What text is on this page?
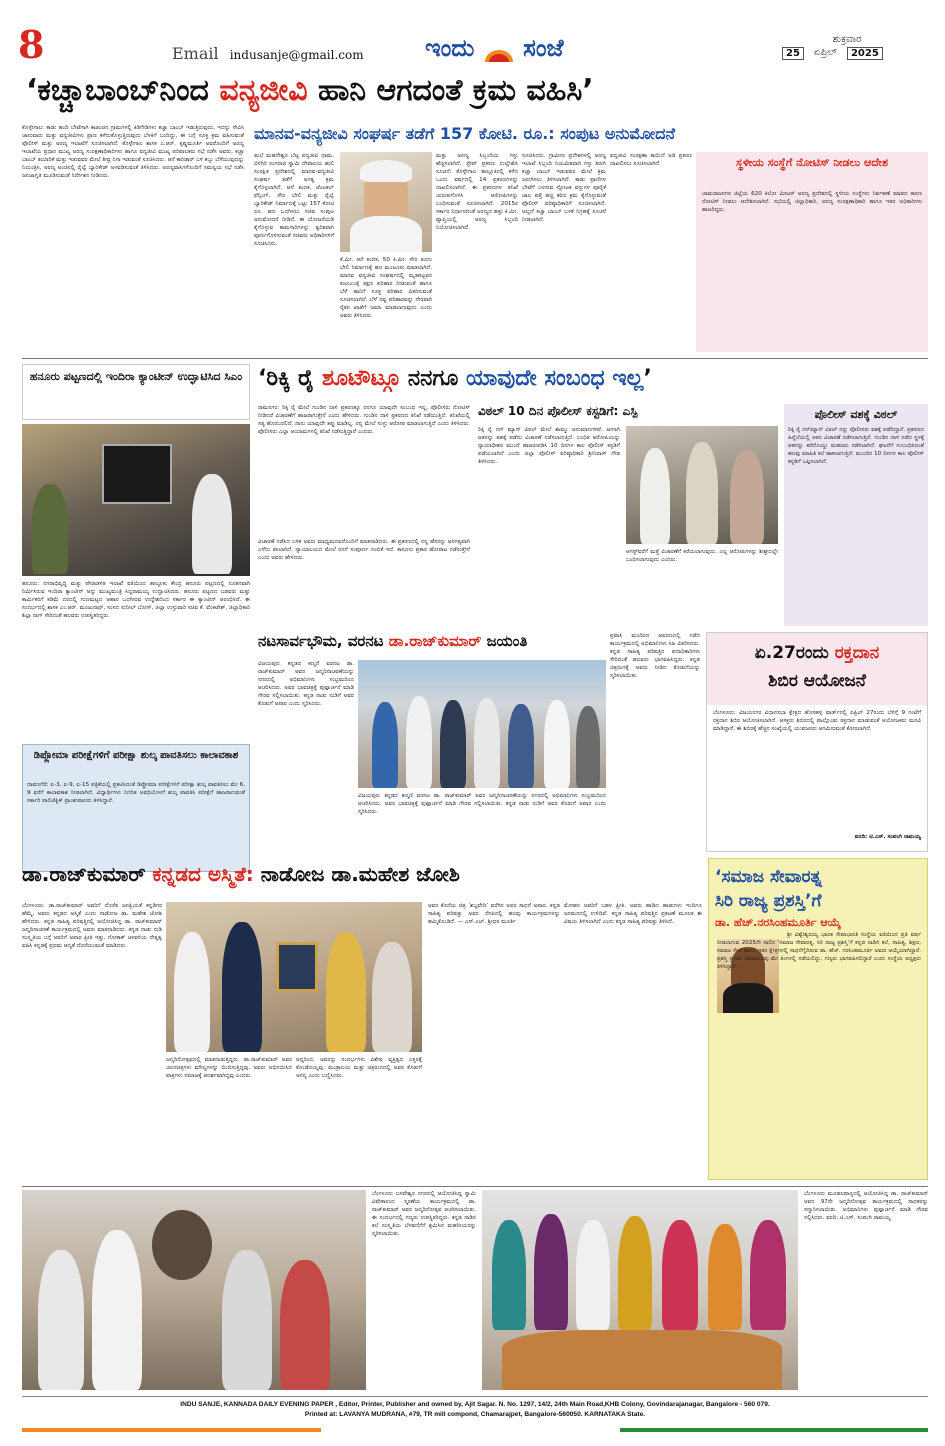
8	Email indusanje@gmail.com	ಇಂದು ಸಂಜೆ	ಶುಕ್ರವಾರ
25	ಏಪ್ರಿಲ್	2025
‘ಕಚ್ಚಾಬಾಂಬ್‌ನಿಂದ ವನ್ಯಜೀವಿ ಹಾನಿ ಆಗದಂತೆ ಕ್ರಮ ವಹಿಸಿ’
ಕೊಳ್ಳೇಗಾಲ: ಕಾಡು ಹಂದಿ ಬೇಟೆಗಾಗಿ ಕಾಡಂಚಿನ ಗ್ರಾಮಗಳಲ್ಲಿ ಕಿಡಿಗೇಡಿಗಳು ಕಚ್ಚಾ ಬಾಂಬ್ ಇಡುತ್ತಿರುವುದು, ಇದನ್ನು ಸೇವಿಸಿ ಜಾನುವಾರು ಮತ್ತು ವನ್ಯಜೀವಿಗಳು ಪ್ರಾಣ ಕಳೆದುಕೊಳ್ಳುತ್ತಿರುವುದು ಬೆಳಕಿಗೆ ಬಂದಿದ್ದು, ಈ ಬಗ್ಗೆ ಸೂಕ್ತ ಕ್ರಮ ವಹಿಸುವಂತೆ ಪೊಲೀಸ್ ಮತ್ತು ಅರಣ್ಯ ಇಲಾಖೆಗೆ ಸೂಚಿಸಲಾಗಿದೆ. ಕೊಳ್ಳೇಗಾಲ ಶಾಸಕ ಎ.ಆರ್. ಕೃಷ್ಣಮೂರ್ತಿ ಅವರೊಂದಿಗೆ ಅರಣ್ಯ ಇಲಾಖೆಯ ಪ್ರಧಾನ ಮುಖ್ಯ ಅರಣ್ಯ ಸಂರಕ್ಷಣಾಧಿಕಾರಿಗಳು ಹಾಗೂ ವನ್ಯಜೀವಿ ಮುಖ್ಯ ಪರಿಪಾಲಕರು ಸಭೆ ನಡೆಸಿ ಅವರು, ಕಚ್ಚಾ ಬಾಂಬ್ ತಯಾರಿಕೆ ಮತ್ತು ಇಡುವವರ ಮೇಲೆ ತೀವ್ರ ನಿಗಾ ಇಡುವಂತೆ ಸೂಚಿಸಿದರು. ಆನೆ ಕಾರಿಡಾರ್ ಬಳಿ ಕಬ್ಬು ಬೆಳೆಯುವುದನ್ನು ನಿಯಂತ್ರಿಸಿ, ಅರಣ್ಯ ಅಂಚಿನಲ್ಲಿ ರೈಲ್ವೆ ಬ್ಯಾರಿಕೇಡ್ ಅಳವಡಿಸುವಂತೆ ತಿಳಿಸಿದರು. ಅರಣ್ಯವಾಸಿಗಳೊಂದಿಗೆ ಸಮನ್ವಯ ಸಭೆ ನಡೆಸಿ ಜನಜಾಗೃತಿ ಮೂಡಿಸುವಂತೆ ನಿರ್ದೇಶನ ನೀಡಿದರು.
ಮಾನವ-ವನ್ಯಜೀವಿ ಸಂಘರ್ಷ ತಡೆಗೆ 157 ಕೋಟಿ. ರೂ.: ಸಂಪುಟ ಅನುಮೋದನೆ
ಮಲೆ ಮಹದೇಶ್ವರ ಬೆಟ್ಟ ವನ್ಯಜೀವಿ ಧಾಮ, ಬಿಳಿಗಿರಿ ರಂಗನಾಥ ಸ್ವಾಮಿ ದೇವಾಲಯ ಹುಲಿ ಸಂರಕ್ಷಿತ ಪ್ರದೇಶದಲ್ಲಿ ಮಾನವ-ವನ್ಯಜೀವಿ ಸಂಘರ್ಷ ತಡೆಗೆ ಅಗತ್ಯ ಕ್ರಮ ಕೈಗೊಳ್ಳಲಾಗಿದೆ. ಆನೆ ಕಂದಕ, ಟೆಂಟಕಲ್ ಫೆನ್ಸಿಂಗ್, ಸೌರ ಬೇಲಿ ಮತ್ತು ರೈಲ್ವೆ ಬ್ಯಾರಿಕೇಡ್ ನಿರ್ಮಾಣಕ್ಕೆ ಒಟ್ಟು 157 ಕೋಟಿ ರೂ. ಹಣ ಒದಗಿಸಲು ಸಚಿವ ಸಂಪುಟ ಅನುಮೋದನೆ ನೀಡಿದೆ. ಈ ಯೋಜನೆಯಡಿ ಕೈಗೊಳ್ಳುವ ಕಾಮಗಾರಿಗಳನ್ನು ತ್ವರಿತವಾಗಿ ಪೂರ್ಣಗೊಳಿಸುವಂತೆ ಸಚಿವರು ಅಧಿಕಾರಿಗಳಿಗೆ ಸೂಚಿಸಿದರು.
ಕೆ.ಮೀ. ಆನೆ ಕಂದಕ, 50 ಕಿ.ಮೀ. ಸೌರ ತೂಗು ಬೇಲಿ ನಿರ್ಮಾಣಕ್ಕೆ ಹಣ ಮಂಜೂರು ಮಾಡಲಾಗಿದೆ. ಮಾನವ ವನ್ಯಜೀವಿ ಸಂಘರ್ಷದಲ್ಲಿ ಮೃತಪಟ್ಟವರ ಕುಟುಂಬಕ್ಕೆ ತಕ್ಷಣ ಪರಿಹಾರ ನೀಡುವಂತೆ ಹಾಗೂ ಬೆಳೆ ಹಾನಿಗೆ ಸೂಕ್ತ ಪರಿಹಾರ ವಿತರಿಸುವಂತೆ ಸೂಚಿಸಲಾಗಿದೆ. ಬೆಳೆ ನಷ್ಟ ಪರಿಹಾರವನ್ನು ನೇರವಾಗಿ ರೈತರ ಖಾತೆಗೆ ಜಮಾ ಮಾಡಲಾಗುವುದು ಎಂದು ಅವರು ತಿಳಿಸಿದರು.
ಮತ್ತು ಅರಣ್ಯ ಸಿಬ್ಬಂದಿಯ ಗಸ್ತು ಹೆಚ್ಚಿಸಲಾಗಿದೆ. ಸ್ಟೇಪ್ ಪ್ರಕರಣ ಉಲ್ಲೇಖಿಸಿ ಸೂಚನೆ: ಕೊಳ್ಳೇಗಾಲ ತಾಲ್ಲೂಕಿನಲ್ಲಿ ಕಳೆದ ಒಂದು ವರ್ಷದಲ್ಲಿ 14 ಪ್ರಕರಣಗಳನ್ನು ದಾಖಲಿಸಲಾಗಿದೆ. ಈ ಪ್ರಕರಣಗಳ ತನಿಖೆ ಚುರುಕುಗೊಳಿಸಿ ಆರೋಪಿಗಳನ್ನು ಬಂಧಿಸುವಂತೆ ಸೂಚಿಸಲಾಗಿದೆ. 2015ರ ಸರ್ಕಾರ ನಿರ್ಧಾರದಂತೆ ಅರಣ್ಯದ ಹತ್ತು ಕಿ.ಮೀ. ವ್ಯಾಪ್ತಿಯಲ್ಲಿ ಅರಣ್ಯ ಸಿಬ್ಬಂದಿ ನಿಯೋಜಿಸಲಾಗಿದೆ.
ಸೂಚಿಸಿದರು. ಗ್ರಾಮೀಣ ಪ್ರದೇಶಗಳಲ್ಲಿ ಅರಣ್ಯ ಇಲಾಖೆ ಸಿಬ್ಬಂದಿ ನಿಯಮಿತವಾಗಿ ಗಸ್ತು ತಿರುಗಿ ಕಚ್ಚಾ ಬಾಂಬ್ ಇಡುವವರ ಮೇಲೆ ಕ್ರಮ ಜರುಗಿಸಲು ತಿಳಿಸಲಾಗಿದೆ. ಕಾಡು ಪ್ರಾಣಿಗಳ ಬೇಟೆಗೆ ಬಳಸುವ ಸ್ಫೋಟಕ ವಸ್ತುಗಳ ಪೂರೈಕೆ ಜಾಲ ಪತ್ತೆ ಹಚ್ಚಿ ಕಠಿಣ ಕ್ರಮ ಕೈಗೊಳ್ಳುವಂತೆ ಪೊಲೀಸ್ ವರಿಷ್ಠಾಧಿಕಾರಿಗೆ ಸೂಚಿಸಲಾಗಿದೆ. ಅಲ್ಲದೆ ಕಚ್ಚಾ ಬಾಂಬ್ ಬಳಕೆ ನಿಗ್ರಹಕ್ಕೆ ಸೂಚನೆ ನೀಡಲಾಗಿದೆ.
ವನ್ಯಜೀವಿ ಸಂರಕ್ಷಣಾ ಕಾಯಿದೆ ಅಡಿ ಪ್ರಕರಣ ದಾಖಲಿಸಲು ಸೂಚಿಸಲಾಗಿದೆ.	ಸ್ಥಳೀಯ ಸಂಸ್ಥೆಗೆ ನೋಟಿಸ್ ನೀಡಲು ಆದೇಶ
ಚಾಮರಾಜನಗರ ಜಿಲ್ಲೆಯ 620 ಕಿಲೋ ಮೀಟರ್ ಅರಣ್ಯ ಪ್ರದೇಶದಲ್ಲಿ ಸ್ಥಳೀಯ ಸಂಸ್ಥೆಗಳು ನಿರ್ವಹಣೆ ಮಾಡದ ಕಾರಣ ನೋಟಿಸ್ ನೀಡಲು ಆದೇಶಿಸಲಾಗಿದೆ. ಸಭೆಯಲ್ಲಿ ಜಿಲ್ಲಾಧಿಕಾರಿ, ಅರಣ್ಯ ಸಂರಕ್ಷಣಾಧಿಕಾರಿ ಹಾಗೂ ಇತರ ಅಧಿಕಾರಿಗಳು ಹಾಜರಿದ್ದರು.
ಹನೂರು ಪಟ್ಟಣದಲ್ಲಿ ಇಂದಿರಾ ಕ್ಯಾಂಟೀನ್ ಉದ್ಘಾಟಿಸಿದ ಸಿಎಂ
ಹನೂರು: ನಗರಾಭಿವೃದ್ಧಿ ಮತ್ತು ಪೌರಾಡಳಿತ ಇಲಾಖೆ ವತಿಯಿಂದ ತಾಲ್ಲೂಕು ಕೇಂದ್ರ ಹನೂರು ಪಟ್ಟಣದಲ್ಲಿ ನೂತನವಾಗಿ ನಿರ್ಮಿಸಿರುವ ಇಂದಿರಾ ಕ್ಯಾಂಟೀನ್ ಅನ್ನು ಮುಖ್ಯಮಂತ್ರಿ ಸಿದ್ದರಾಮಯ್ಯ ಉದ್ಘಾಟಿಸಿದರು. ಹನೂರು ಪಟ್ಟಣದ ಬಡವರು ಮತ್ತು ಕಾರ್ಮಿಕರಿಗೆ ಕಡಿಮೆ ದರದಲ್ಲಿ ಗುಣಮಟ್ಟದ ಆಹಾರ ಒದಗಿಸುವ ಉದ್ದೇಶದಿಂದ ಸರ್ಕಾರ ಈ ಕ್ಯಾಂಟೀನ್ ಆರಂಭಿಸಿದೆ. ಈ ಸಂದರ್ಭದಲ್ಲಿ ಶಾಸಕ ಎಂ.ಆರ್. ಮಂಜುನಾಥ್, ಸಂಸದ ಸುನೀಲ್ ಬೋಸ್, ಜಿಲ್ಲಾ ಉಸ್ತುವಾರಿ ಸಚಿವ ಕೆ. ವೆಂಕಟೇಶ್, ಜಿಲ್ಲಾಧಿಕಾರಿ ಶಿಲ್ಪಾ ನಾಗ್ ಸೇರಿದಂತೆ ಹಲವರು ಉಪಸ್ಥಿತರಿದ್ದರು.
ಡಿಪ್ಲೋಮಾ ಪರೀಕ್ಷೆಗಳಿಗೆ ಪರೀಕ್ಷಾ ಶುಲ್ಕ ಪಾವತಿಸಲು ಕಾಲಾವಕಾಶ
ದಾವಣಗೆರೆ: ಏ-3, ಏ-9, ಏ-15 ಪತ್ರಿಕೆಯಲ್ಲಿ ಪ್ರಕಟಿಸಿದಂತೆ ಡಿಪ್ಲೋಮಾ ಪರೀಕ್ಷೆಗಳಿಗೆ ಪರೀಕ್ಷಾ ಶುಲ್ಕ ಪಾವತಿಸಲು ಮೇ 6, 9 ವರೆಗೆ ಕಾಲಾವಕಾಶ ನೀಡಲಾಗಿದೆ. ವಿದ್ಯಾರ್ಥಿಗಳು ನಿಗದಿತ ಅವಧಿಯೊಳಗೆ ಶುಲ್ಕ ಪಾವತಿಸಿ ಪರೀಕ್ಷೆಗೆ ಹಾಜರಾಗುವಂತೆ ಸರ್ಕಾರಿ ಪಾಲಿಟೆಕ್ನಿಕ್ ಪ್ರಾಂಶುಪಾಲರು ತಿಳಿಸಿದ್ದಾರೆ.
‘ರಿಕ್ಕಿ ರೈ ಶೂಟೌಟ್ಗೂ ನನಗೂ ಯಾವುದೇ ಸಂಬಂಧ ಇಲ್ಲ’
ರಾಮನಗರ: ರಿಕ್ಕಿ ರೈ ಮೇಲೆ ಗುಂಡಿನ ದಾಳಿ ಪ್ರಕರಣಕ್ಕೂ ನನಗೂ ಯಾವುದೇ ಸಂಬಂಧ ಇಲ್ಲ, ಪೊಲೀಸರು ನೋಟಿಸ್ ನೀಡಿದರೆ ವಿಚಾರಣೆಗೆ ಹಾಜರಾಗುತ್ತೇನೆ ಎಂದು ಹೇಳಿದರು. ಗುಂಡಿನ ದಾಳಿ ಪ್ರಕರಣದ ತನಿಖೆ ನಡೆಯುತ್ತಿದೆ. ತನಿಖೆಯಲ್ಲಿ ಸತ್ಯ ಹೊರಬರಲಿದೆ. ನಾನು ಯಾವುದೇ ತಪ್ಪು ಮಾಡಿಲ್ಲ. ನನ್ನ ಮೇಲೆ ಸುಳ್ಳು ಆರೋಪ ಮಾಡಲಾಗುತ್ತಿದೆ ಎಂದು ತಿಳಿಸಿದರು. ಪೊಲೀಸರು ಎಲ್ಲಾ ಆಯಾಮಗಳಲ್ಲಿ ತನಿಖೆ ನಡೆಸುತ್ತಿದ್ದಾರೆ ಎಂದರು.
ವಿಚಾರಣೆ ನಡೆಸಿದ ಬಳಿಕ ಅವರು ಮಾಧ್ಯಮದವರೊಂದಿಗೆ ಮಾತನಾಡಿದರು. ಈ ಪ್ರಕರಣದಲ್ಲಿ ನನ್ನ ಹೆಸರನ್ನು ಅನಗತ್ಯವಾಗಿ ಎಳೆದು ತರಲಾಗಿದೆ. ನ್ಯಾಯಾಲಯದ ಮೇಲೆ ನನಗೆ ಸಂಪೂರ್ಣ ನಂಬಿಕೆ ಇದೆ. ಕಾನೂನು ಪ್ರಕಾರ ಹೋರಾಟ ನಡೆಸುತ್ತೇನೆ ಎಂದು ಅವರು ಹೇಳಿದರು.
ವಿಠಲ್ 10 ದಿನ ಪೊಲೀಸ್ ಕಸ್ಟಡಿಗೆ: ಎಸ್ಪಿ
ರಿಕ್ಕಿ ರೈ ಗನ್ ಮ್ಯಾನ್ ವಿಠಲ್ ಮೇಲೆ ಶಾಮ್ಮು ಅನುಮಾನಗಳಿವೆ. ಹೀಗಾಗಿ ಆತನನ್ನು ವಶಕ್ಕೆ ಪಡೆದು ವಿಚಾರಣೆ ನಡೆಸಲಾಗುತ್ತಿದೆ. ಬಂಧಿತ ಆರೋಪಿಯನ್ನು ನ್ಯಾಯಾಧೀಶರ ಮುಂದೆ ಹಾಜರುಪಡಿಸಿ 10 ದಿನಗಳ ಕಾಲ ಪೊಲೀಸ್ ಕಸ್ಟಡಿಗೆ ಪಡೆಯಲಾಗಿದೆ ಎಂದು ಜಿಲ್ಲಾ ಪೊಲೀಸ್ ವರಿಷ್ಠಾಧಿಕಾರಿ ಶ್ರೀನಿವಾಸ್ ಗೌಡ ತಿಳಿಸಿದರು.
ಆಗಸ್ಟ್‌ವರೆಗೆ ಮತ್ತೆ ವಿಚಾರಣೆಗೆ ಕರೆಯಲಾಗುವುದು. ಎಲ್ಲ ಆರೋಪಿಗಳನ್ನು ಶೀಘ್ರದಲ್ಲೇ ಬಂಧಿಸಲಾಗುವುದು ಎಂದರು.
ಪೊಲೀಸ್ ವಶಕ್ಕೆ ವಿಠಲ್
ರಿಕ್ಕಿ ರೈ ಗನ್‌ಮ್ಯಾನ್ ವಿಠಲ್ ನನ್ನು ಪೊಲೀಸರು ವಶಕ್ಕೆ ಪಡೆದಿದ್ದಾರೆ. ಪ್ರಕರಣದ ಹಿನ್ನೆಲೆಯಲ್ಲಿ ಆತನ ವಿಚಾರಣೆ ನಡೆಸಲಾಗುತ್ತಿದೆ. ಗುಂಡಿನ ದಾಳಿ ನಡೆದ ಸ್ಥಳಕ್ಕೆ ಆತನನ್ನು ಕರೆದೊಯ್ದು ಮಹಜರು ನಡೆಸಲಾಗಿದೆ. ಘಟನೆಗೆ ಸಂಬಂಧಿಸಿದಂತೆ ಹಲವು ಮಾಹಿತಿ ಕಲೆ ಹಾಕಲಾಗುತ್ತಿದೆ. ಮುಂದಿನ 10 ದಿನಗಳ ಕಾಲ ಪೊಲೀಸ್ ಕಸ್ಟಡಿಗೆ ಒಪ್ಪಿಸಲಾಗಿದೆ.
ನಟಸಾರ್ವಭೌಮ, ವರನಟ ಡಾ.ರಾಜ್‌ಕುಮಾರ್ ಜಯಂತಿ
ವಿಜಯಪುರ: ಕನ್ನಡದ ಕಣ್ಮಣಿ ವರನಟ ಡಾ. ರಾಜ್‌ಕುಮಾರ್ ಅವರ ಜನ್ಮದಿನಾಚರಣೆಯನ್ನು ನಗರದಲ್ಲಿ ಅಭಿಮಾನಿಗಳು ಸಂಭ್ರಮದಿಂದ ಆಚರಿಸಿದರು. ಅವರ ಭಾವಚಿತ್ರಕ್ಕೆ ಪುಷ್ಪಾರ್ಚನೆ ಮಾಡಿ ಗೌರವ ಸಲ್ಲಿಸಲಾಯಿತು. ಕನ್ನಡ ನಾಡು ನುಡಿಗೆ ಅವರ ಕೊಡುಗೆ ಅಪಾರ ಎಂದು ಸ್ಮರಿಸಿದರು.
ಪ್ರವಾಸಿ ಮಂದಿರದ ಆವರಣದಲ್ಲಿ ನಡೆದ ಕಾರ್ಯಕ್ರಮದಲ್ಲಿ ಅಭಿಮಾನಿಗಳು ಸಿಹಿ ವಿತರಿಸಿದರು. ಕನ್ನಡ ಸಾಹಿತ್ಯ ಪರಿಷತ್ತಿನ ಪದಾಧಿಕಾರಿಗಳು ಸೇರಿದಂತೆ ಹಲವರು ಭಾಗವಹಿಸಿದ್ದರು. ಕನ್ನಡ ಚಿತ್ರರಂಗಕ್ಕೆ ಅವರು ನೀಡಿದ ಕೊಡುಗೆಯನ್ನು ಸ್ಮರಿಸಲಾಯಿತು.
ಏ.27ರಂದು ರಕ್ತದಾನ
ಶಿಬಿರ ಆಯೋಜನೆ
ಬೆಂಗಳೂರು: ವಿಜಯನಗರ ವಿಧಾನಸಭಾ ಕ್ಷೇತ್ರದ ಹೊಸಹಳ್ಳಿ ವಾರ್ಡ್‌ನಲ್ಲಿ ಏಪ್ರಿಲ್ 27ರಂದು ಬೆಳಿಗ್ಗೆ 9 ಗಂಟೆಗೆ ರಕ್ತದಾನ ಶಿಬಿರ ಆಯೋಜಿಸಲಾಗಿದೆ. ಆಸಕ್ತರು ಶಿಬಿರದಲ್ಲಿ ಪಾಲ್ಗೊಂಡು ರಕ್ತದಾನ ಮಾಡುವಂತೆ ಆಯೋಜಕರು ಮನವಿ ಮಾಡಿದ್ದಾರೆ. ಈ ಶಿಬಿರಕ್ಕೆ ಹೆಚ್ಚಿನ ಸಂಖ್ಯೆಯಲ್ಲಿ ಯುವಜನರು ಆಗಮಿಸುವಂತೆ ಕೋರಲಾಗಿದೆ.
ವರದಿ: ಟಿ.ಎಸ್. ಸಂಪಂಗಿ ರಾಮಯ್ಯ
ವಿಜಯಪುರ: ಕನ್ನಡದ ಕಣ್ಮಣಿ ವರನಟ ಡಾ. ರಾಜ್‌ಕುಮಾರ್ ಅವರ ಜನ್ಮದಿನಾಚರಣೆಯನ್ನು ನಗರದಲ್ಲಿ ಅಭಿಮಾನಿಗಳು ಸಂಭ್ರಮದಿಂದ ಆಚರಿಸಿದರು. ಅವರ ಭಾವಚಿತ್ರಕ್ಕೆ ಪುಷ್ಪಾರ್ಚನೆ ಮಾಡಿ ಗೌರವ ಸಲ್ಲಿಸಲಾಯಿತು. ಕನ್ನಡ ನಾಡು ನುಡಿಗೆ ಅವರ ಕೊಡುಗೆ ಅಪಾರ ಎಂದು ಸ್ಮರಿಸಿದರು.
ಡಾ.ರಾಜ್‌ಕುಮಾರ್ ಕನ್ನಡದ ಅಸ್ಮಿತೆ: ನಾಡೋಜ ಡಾ.ಮಹೇಶ ಜೋಶಿ
ಬೆಂಗಳೂರು: ಡಾ.ರಾಜ್‌ಕುಮಾರ್ ಅವರಿಗೆ ದೊರೆತ ಜನಪ್ರಿಯತೆ ಕನ್ನಡಿಗರ ಹೆಮ್ಮೆ. ಅವರು ಕನ್ನಡದ ಅಸ್ಮಿತೆ ಎಂದು ನಾಡೋಜ ಡಾ. ಮಹೇಶ ಜೋಶಿ ಹೇಳಿದರು. ಕನ್ನಡ ಸಾಹಿತ್ಯ ಪರಿಷತ್ತಿನಲ್ಲಿ ಆಯೋಜಿಸಿದ್ದ ಡಾ. ರಾಜ್‌ಕುಮಾರ್ ಜನ್ಮದಿನಾಚರಣೆ ಕಾರ್ಯಕ್ರಮದಲ್ಲಿ ಅವರು ಮಾತನಾಡಿದರು. ಕನ್ನಡ ನಾಡು ನುಡಿ ಸಂಸ್ಕೃತಿಯ ಬಗ್ಗೆ ಅವರಿಗೆ ಅಪಾರ ಪ್ರೀತಿ ಇತ್ತು. ಗೋಕಾಕ್ ಚಳವಳಿಯ ನೇತೃತ್ವ ವಹಿಸಿ ಕನ್ನಡಕ್ಕೆ ಪ್ರಥಮ ಆದ್ಯತೆ ದೊರೆಯುವಂತೆ ಮಾಡಿದರು.
ಜನ್ಮದಿನೋತ್ಸವದಲ್ಲಿ ಮಾತನಾಡುತ್ತಿದ್ದರು. ಡಾ.ರಾಜ್‌ಕುಮಾರ್ ಅವರ ಚಲನಚಿತ್ರಗಳು ಮೌಲ್ಯಗಳನ್ನು ಬಿಂಬಿಸುತ್ತಿದ್ದವು. ಅವರು ಅಭಿನಯಿಸಿದ ಪಾತ್ರಗಳು ಸಮಾಜಕ್ಕೆ ಆದರ್ಶವಾಗಿದ್ದವು ಎಂದರು.
ಆದ್ದರಿಂದ, ಅವರನ್ನು ಸಂದರ್ಭಗಳು ವಿಶೇಷ ವ್ಯಕ್ತಿತ್ವದ ಎತ್ತರಕ್ಕೆ ಕೊಂಡೊಯ್ದವು. ಮಂತ್ರಾಲಯ ಮತ್ತು ಚಿತ್ರರಂಗದಲ್ಲಿ ಅವರ ಕೊಡುಗೆ ಅನನ್ಯ ಎಂದು ಬಣ್ಣಿಸಿದರು.
ಅವರ ಕೊನೆಯ ಚಿತ್ರ ‘ಶಬ್ದವೇದಿ’ ವರೆಗಿನ ಅವರ ಸಾಧನೆ ಅಪಾರ. ಕನ್ನಡ ಸಾಹಿತ್ಯ ಪರಿಷತ್ತು ಅವರ ನೆನಪಿನಲ್ಲಿ ಹಲವು ಕಾರ್ಯಕ್ರಮಗಳನ್ನು ಹಮ್ಮಿಕೊಂಡಿದೆ. — ಎಸ್.ಎಲ್. ಶ್ರೀಧರ ಮೂರ್ತಿ
ಮೋಹನ ಅವರಿಗೆ ಬಹಳ ಪ್ರೀತಿ. ಅವರು ಹಾಡಿದ ಹಾಡುಗಳು ಇಂದಿಗೂ ಜನಮನದಲ್ಲಿ ಉಳಿದಿವೆ. ಕನ್ನಡ ಸಾಹಿತ್ಯ ಪರಿಷತ್ತಿನ ಪ್ರಕಟಣೆ ಮೂಲಕ ಈ ವಿಷಯ ತಿಳಿಸಲಾಗಿದೆ ಎಂದು ಕನ್ನಡ ಸಾಹಿತ್ಯ ಪರಿಷತ್ತು ತಿಳಿಸಿದೆ.
‘ಸಮಾಜ ಸೇವಾರತ್ನ
ಸಿರಿ ರಾಜ್ಯ ಪ್ರಶಸ್ತಿ’ಗೆ
ಡಾ. ಹೆಚ್.ನರಸಿಂಹಮೂರ್ತಿ ಆಯ್ಕೆ
ಶ್ರೀ ವಿಶ್ವೇಶ್ವರಯ್ಯ ಭಾರತ ಸೇವಾಭಾರತಿ ಸಂಸ್ಥೆಯ ವತಿಯಿಂದ ಪ್ರತಿ ವರ್ಷ ನೀಡಲಾಗುವ 2025ನೇ ಸಾಲಿನ ‘ಸಮಾಜ ಸೇವಾರತ್ನ, ಸಿರಿ ರಾಜ್ಯ ಪ್ರಶಸ್ತಿ’ಗೆ ಕನ್ನಡ ನಾಡಿನ ಕಲೆ, ಸಾಹಿತ್ಯ, ಶಿಕ್ಷಣ, ಸಮಾಜ ಸೇವೆ ಹಾಗೂ ಇತರ ಕ್ಷೇತ್ರಗಳಲ್ಲಿ ಸಾಧನೆಗೈದಿರುವ ಡಾ. ಹೆಚ್. ನರಸಿಂಹಮೂರ್ತಿ ಅವರು ಆಯ್ಕೆಯಾಗಿದ್ದಾರೆ. ಪ್ರಶಸ್ತಿ ಪ್ರದಾನ ಸಮಾರಂಭವು ಮೇ ತಿಂಗಳಲ್ಲಿ ನಡೆಯಲಿದ್ದು, ಗಣ್ಯರು ಭಾಗವಹಿಸಲಿದ್ದಾರೆ ಎಂದು ಸಂಸ್ಥೆಯ ಅಧ್ಯಕ್ಷರು ತಿಳಿಸಿದ್ದಾರೆ.
ಬೆಂಗಳೂರು ಬಸವೇಶ್ವರ ನಗರದಲ್ಲಿ ಆಯೋಜಿಸಿದ್ದ ಸ್ವಾಮಿ ವಿವೇಕಾನಂದ ಸ್ಮರಣೆಯ ಕಾರ್ಯಕ್ರಮದಲ್ಲಿ ಡಾ. ರಾಜ್‌ಕುಮಾರ್ ಅವರ ಜನ್ಮದಿನೋತ್ಸವ ಆಚರಿಸಲಾಯಿತು. ಈ ಸಂದರ್ಭದಲ್ಲಿ ಗಣ್ಯರು ಉಪಸ್ಥಿತರಿದ್ದರು. ಕನ್ನಡ ನಾಡಿನ ಕಲೆ ಸಂಸ್ಕೃತಿಯ ಬೆಳವಣಿಗೆಗೆ ಶ್ರಮಿಸಿದ ಮಹನೀಯರನ್ನು ಸ್ಮರಿಸಲಾಯಿತು.
ಬೆಂಗಳೂರು ಮೂಡಲಪಾಳ್ಯದಲ್ಲಿ ಆಯೋಜಿಸಿದ್ದ ಡಾ. ರಾಜ್‌ಕುಮಾರ್ ಅವರ 97ನೇ ಜನ್ಮದಿನೋತ್ಸವ ಕಾರ್ಯಕ್ರಮದಲ್ಲಿ ಸಾಧಕರನ್ನು ಸನ್ಮಾನಿಸಲಾಯಿತು. ಅಭಿಮಾನಿಗಳು ಪುಷ್ಪಾರ್ಚನೆ ಮಾಡಿ ಗೌರವ ಸಲ್ಲಿಸಿದರು. ವರದಿ: ಟಿ.ಎಸ್. ಸಂಪಂಗಿ ರಾಮಯ್ಯ
INDU SANJE, KANNADA DAILY EVENING PAPER , Editor, Printer, Publisher and owned by, Ajit Sagar. N. No. 1297, 14/2, 24th Main Road,KHB Colony, Govindarajanagar, Bangalore - 560 079.
Printed at: LAVANYA MUDRANA, #79, TR mill compond, Chamarajpet, Bangalore-560050. KARNATAKA State.
